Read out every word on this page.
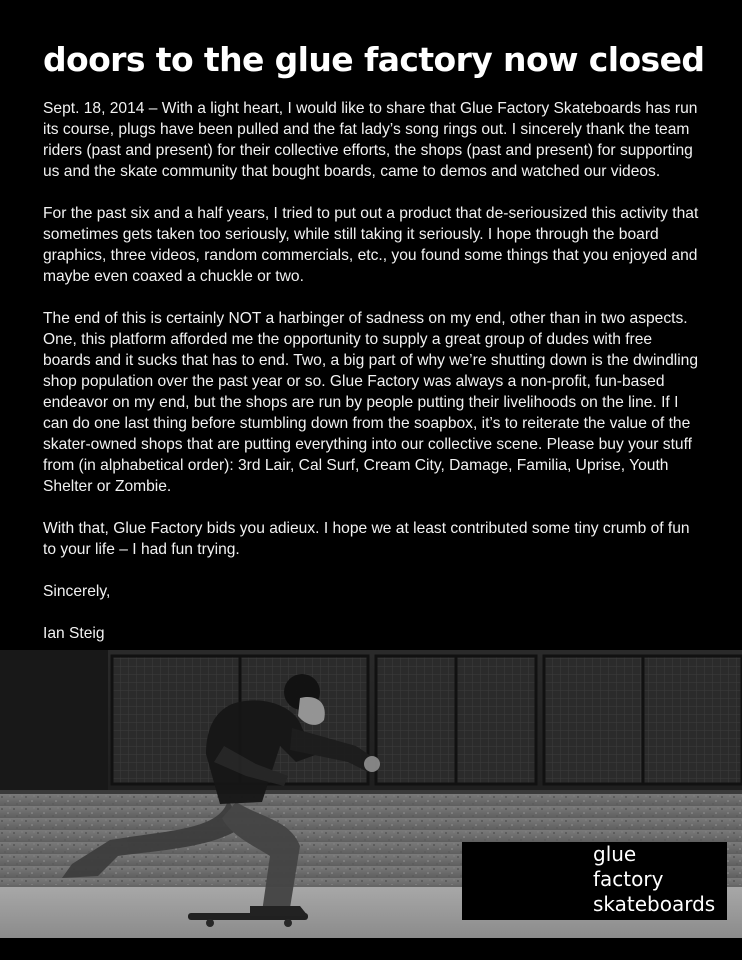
doors to the glue factory now closed

Sept. 18, 2014 – With a light heart, I would like to share that Glue Factory Skateboards has run its course, plugs have been pulled and the fat lady’s song rings out. I sincerely thank the team riders (past and present) for their collective efforts, the shops (past and present) for supporting us and the skate community that bought boards, came to demos and watched our videos.

For the past six and a half years, I tried to put out a product that de-seriousized this activity that sometimes gets taken too seriously, while still taking it seriously. I hope through the board graphics, three videos, random commercials, etc., you found some things that you enjoyed and maybe even coaxed a chuckle or two.

The end of this is certainly NOT a harbinger of sadness on my end, other than in two aspects. One, this platform afforded me the opportunity to supply a great group of dudes with free boards and it sucks that has to end. Two, a big part of why we’re shutting down is the dwindling shop population over the past year or so. Glue Factory was always a non-profit, fun-based endeavor on my end, but the shops are run by people putting their livelihoods on the line. If I can do one last thing before stumbling down from the soapbox, it’s to reiterate the value of the skater-owned shops that are putting everything into our collective scene. Please buy your stuff from (in alphabetical order): 3rd Lair, Cal Surf, Cream City, Damage, Familia, Uprise, Youth Shelter or Zombie.

With that, Glue Factory bids you adieux. I hope we at least contributed some tiny crumb of fun to your life – I had fun trying.

Sincerely,

Ian Steig

glue
factory
skateboards
